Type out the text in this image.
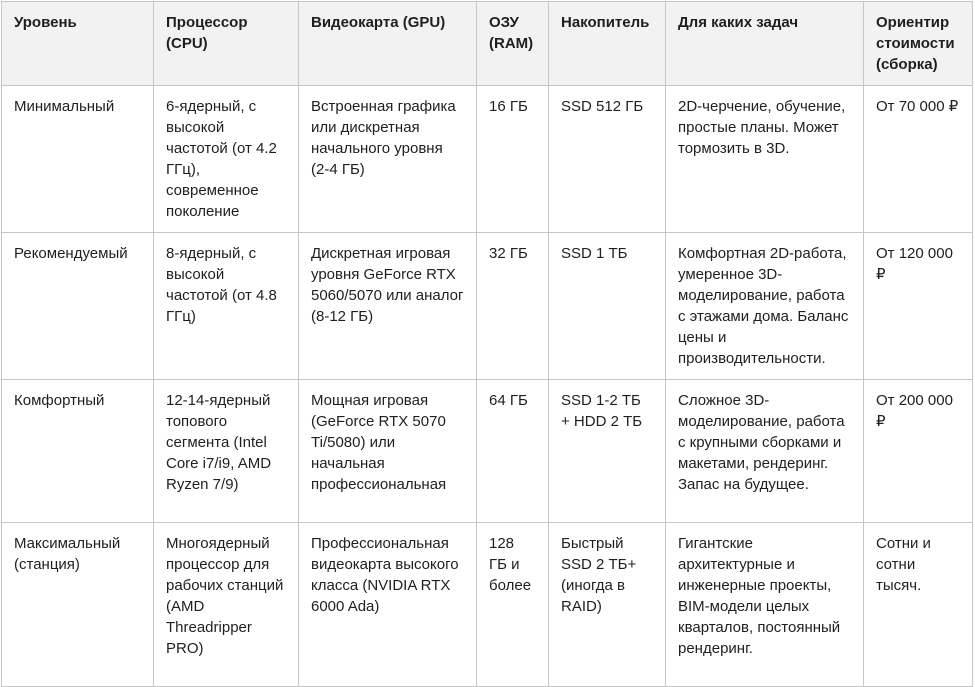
Уровень	Процессор (CPU)	Видеокарта (GPU)	ОЗУ (RAM)	Накопитель	Для каких задач	Ориентир стоимости (сборка)
Минимальный	6-ядерный, с высокой частотой (от 4.2 ГГц), современное поколение	Встроенная графика или дискретная начального уровня (2-4 ГБ)	16 ГБ	SSD 512 ГБ	2D-черчение, обучение, простые планы. Может тормозить в 3D.	От 70 000 ₽
Рекомендуемый	8-ядерный, с высокой частотой (от 4.8 ГГц)	Дискретная игровая уровня GeForce RTX 5060/5070 или аналог (8-12 ГБ)	32 ГБ	SSD 1 ТБ	Комфортная 2D-работа, умеренное 3D-моделирование, работа с этажами дома. Баланс цены и производительности.	От 120 000 ₽
Комфортный	12-14-ядерный топового сегмента (Intel Core i7/i9, AMD Ryzen 7/9)	Мощная игровая (GeForce RTX 5070 Ti/5080) или начальная профессиональная	64 ГБ	SSD 1-2 ТБ + HDD 2 ТБ	Сложное 3D-моделирование, работа с крупными сборками и макетами, рендеринг. Запас на будущее.	От 200 000 ₽
Максимальный (станция)	Многоядерный процессор для рабочих станций (AMD Threadripper PRO)	Профессиональная видеокарта высокого класса (NVIDIA RTX 6000 Ada)	128 ГБ и более	Быстрый SSD 2 ТБ+ (иногда в RAID)	Гигантские архитектурные и инженерные проекты, BIM-модели целых кварталов, постоянный рендеринг.	Сотни и сотни тысяч.
